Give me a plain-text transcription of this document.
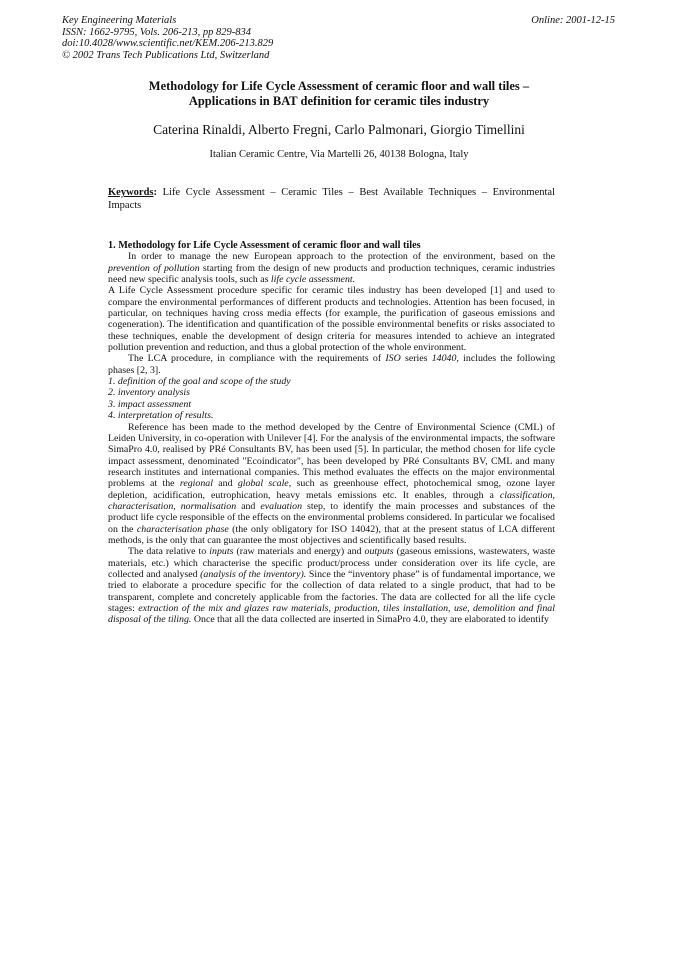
Key Engineering Materials
ISSN: 1662-9795, Vols. 206-213, pp 829-834
doi:10.4028/www.scientific.net/KEM.206-213.829
© 2002 Trans Tech Publications Ltd, Switzerland
Online: 2001-12-15
Methodology for Life Cycle Assessment of ceramic floor and wall tiles –
Applications in BAT definition for ceramic tiles industry
Caterina Rinaldi, Alberto Fregni, Carlo Palmonari, Giorgio Timellini
Italian Ceramic Centre, Via Martelli 26, 40138 Bologna, Italy
Keywords: Life Cycle Assessment – Ceramic Tiles – Best Available Techniques – Environmental Impacts

1. Methodology for Life Cycle Assessment of ceramic floor and wall tiles

In order to manage the new European approach to the protection of the environment, based on the prevention of pollution starting from the design of new products and production techniques, ceramic industries need new specific analysis tools, such as life cycle assessment.

A Life Cycle Assessment procedure specific for ceramic tiles industry has been developed [1] and used to compare the environmental performances of different products and technologies. Attention has been focused, in particular, on techniques having cross media effects (for example, the purification of gaseous emissions and cogeneration). The identification and quantification of the possible environmental benefits or risks associated to these techniques, enable the development of design criteria for measures intended to achieve an integrated pollution prevention and reduction, and thus a global protection of the whole environment.

The LCA procedure, in compliance with the requirements of ISO series 14040, includes the following phases [2, 3].

1. definition of the goal and scope of the study

2. inventory analysis

3. impact assessment

4. interpretation of results.

Reference has been made to the method developed by the Centre of Environmental Science (CML) of Leiden University, in co-operation with Unilever [4]. For the analysis of the environmental impacts, the software SimaPro 4.0, realised by PRé Consultants BV, has been used [5]. In particular, the method chosen for life cycle impact assessment, denominated "Ecoindicator", has been developed by PRé Consultants BV, CML and many research institutes and international companies. This method evaluates the effects on the major environmental problems at the regional and global scale, such as greenhouse effect, photochemical smog, ozone layer depletion, acidification, eutrophication, heavy metals emissions etc. It enables, through a classification, characterisation, normalisation and evaluation step, to identify the main processes and substances of the product life cycle responsible of the effects on the environmental problems considered. In particular we focalised on the characterisation phase (the only obligatory for ISO 14042), that at the present status of LCA different methods, is the only that can guarantee the most objectives and scientifically based results.

The data relative to inputs (raw materials and energy) and outputs (gaseous emissions, wastewaters, waste materials, etc.) which characterise the specific product/process under consideration over its life cycle, are collected and analysed (analysis of the inventory). Since the “inventory phase” is of fundamental importance, we tried to elaborate a procedure specific for the collection of data related to a single product, that had to be transparent, complete and concretely applicable from the factories. The data are collected for all the life cycle stages: extraction of the mix and glazes raw materials, production, tiles installation, use, demolition and final disposal of the tiling. Once that all the data collected are inserted in SimaPro 4.0, they are elaborated to identify
